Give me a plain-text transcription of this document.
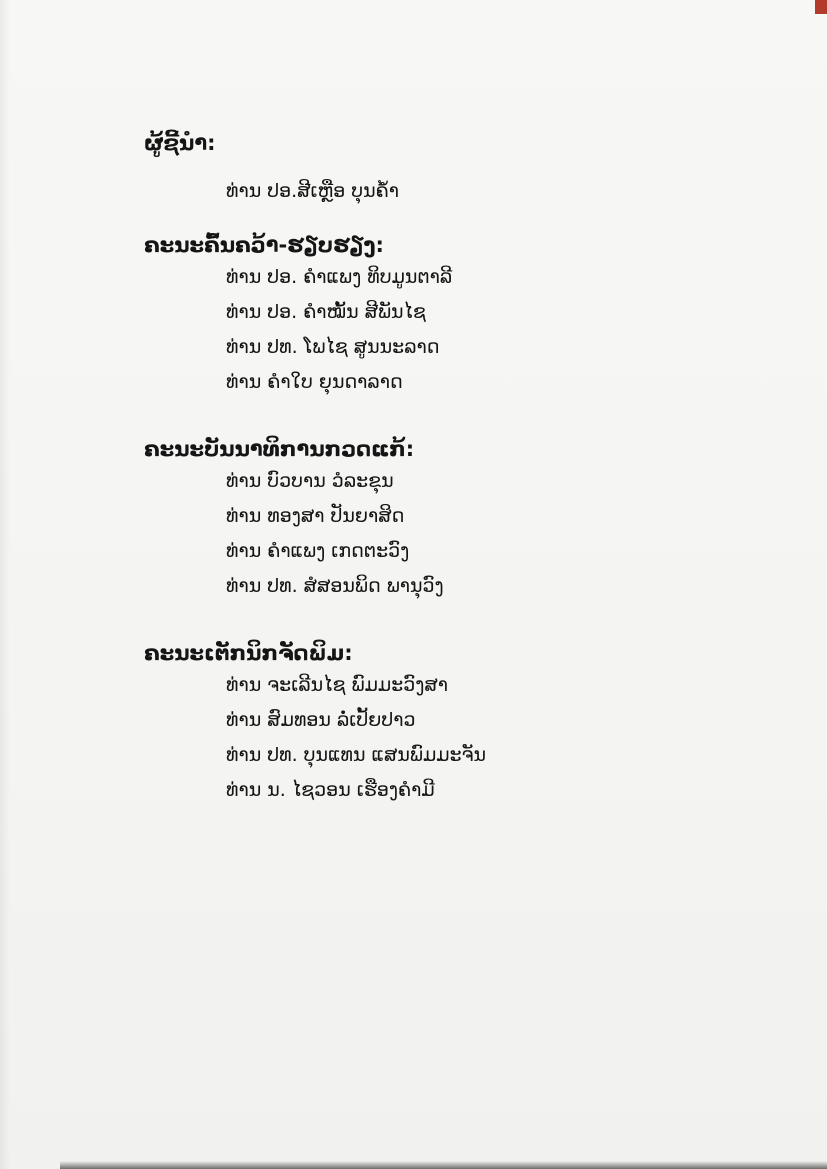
ຜູ້ຊີ້ນຳ:
ທ່ານ ປອ.ສີເຫຼືອ ບຸນຄ້ຳ
ຄະນະຄົ້ນຄວ້າ-ຮຽບຮຽງ:
ທ່ານ ປອ. ຄຳແພງ ທິບມູນຕາລີ
ທ່ານ ປອ. ຄຳໝັ້ນ ສີພັນໄຊ
ທ່ານ ປທ. ໂພໄຊ ສູນນະລາດ
ທ່ານ ຄຳໃບ ຍຸນດາລາດ
ຄະນະບັນນາທິການກວດແກ້:
ທ່ານ ບົວບານ ວໍລະຂຸນ
ທ່ານ ທອງສາ ປັນຍາສິດ
ທ່ານ ຄຳແພງ ເກດຕະວົງ
ທ່ານ ປທ. ສໍສອນພິດ ພານຸວົງ
ຄະນະເຕັກນິກຈັດພິມ:
ທ່ານ ຈະເລີນໄຊ ພົມມະວົງສາ
ທ່ານ ສົມທອນ ລໍ່ເປັ້ຍປາວ
ທ່ານ ປທ. ບຸນແທນ ແສນພົມມະຈັນ
ທ່ານ ນ. ໄຊວອນ ເຮືອງຄຳມີ
